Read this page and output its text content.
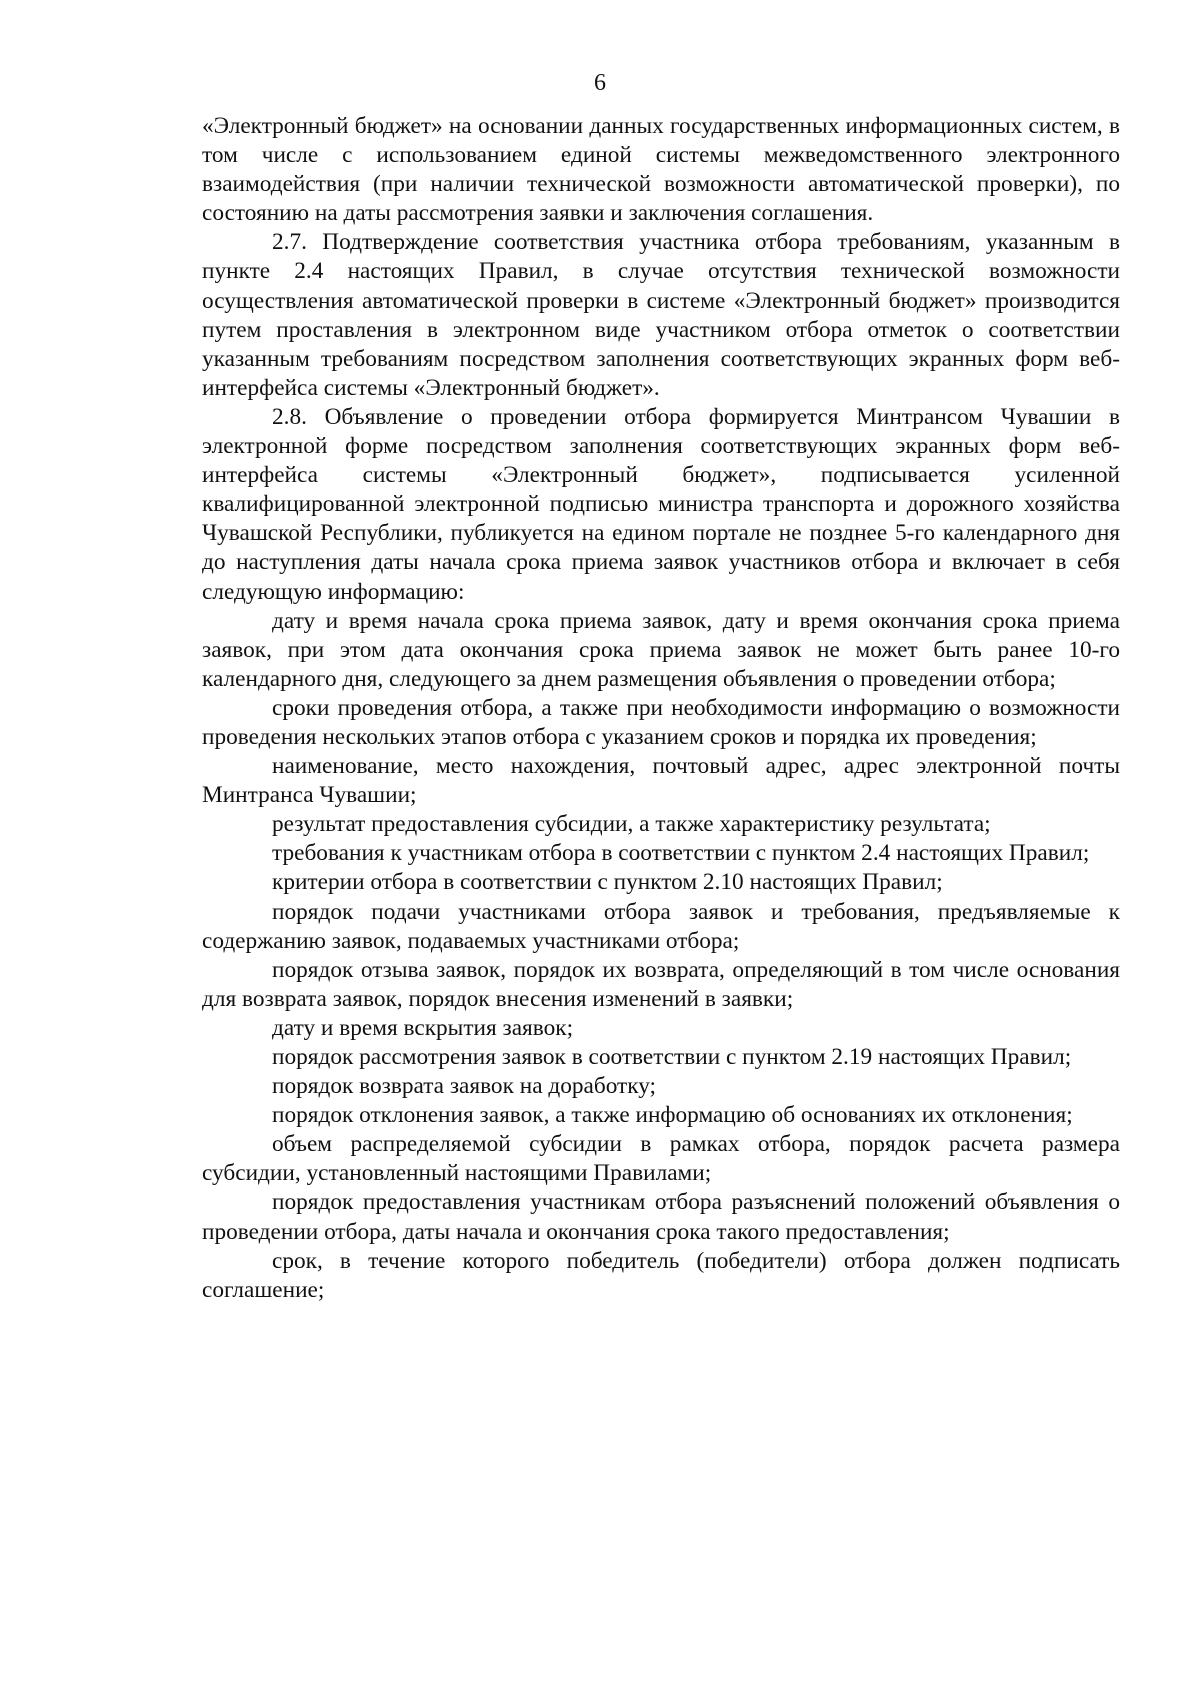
6

«Электронный бюджет» на основании данных государственных информационных систем, в том числе с использованием единой системы межведомственного электронного взаимодействия (при наличии технической возможности автоматической проверки), по состоянию на даты рассмотрения заявки и заключения соглашения.

2.7. Подтверждение соответствия участника отбора требованиям, указанным в пункте 2.4 настоящих Правил, в случае отсутствия технической возможности осуществления автоматической проверки в системе «Электронный бюджет» производится путем проставления в электронном виде участником отбора отметок о соответствии указанным требованиям посредством заполнения соответствующих экранных форм веб-интерфейса системы «Электронный бюджет».

2.8. Объявление о проведении отбора формируется Минтрансом Чувашии в электронной форме посредством заполнения соответствующих экранных форм веб-интерфейса системы «Электронный бюджет», подписывается усиленной квалифицированной электронной подписью министра транспорта и дорожного хозяйства Чувашской Республики, публикуется на едином портале не позднее 5-го календарного дня до наступления даты начала срока приема заявок участников отбора и включает в себя следующую информацию:

дату и время начала срока приема заявок, дату и время окончания срока приема заявок, при этом дата окончания срока приема заявок не может быть ранее 10-го календарного дня, следующего за днем размещения объявления о проведении отбора;

сроки проведения отбора, а также при необходимости информацию о возможности проведения нескольких этапов отбора с указанием сроков и порядка их проведения;

наименование, место нахождения, почтовый адрес, адрес электронной почты Минтранса Чувашии;

результат предоставления субсидии, а также характеристику результата;

требования к участникам отбора в соответствии с пунктом 2.4 настоящих Правил;

критерии отбора в соответствии с пунктом 2.10 настоящих Правил;

порядок подачи участниками отбора заявок и требования, предъявляемые к содержанию заявок, подаваемых участниками отбора;

порядок отзыва заявок, порядок их возврата, определяющий в том числе основания для возврата заявок, порядок внесения изменений в заявки;

дату и время вскрытия заявок;

порядок рассмотрения заявок в соответствии с пунктом 2.19 настоящих Правил;

порядок возврата заявок на доработку;

порядок отклонения заявок, а также информацию об основаниях их отклонения;

объем распределяемой субсидии в рамках отбора, порядок расчета размера субсидии, установленный настоящими Правилами;

порядок предоставления участникам отбора разъяснений положений объявления о проведении отбора, даты начала и окончания срока такого предоставления;

срок, в течение которого победитель (победители) отбора должен подписать соглашение;
